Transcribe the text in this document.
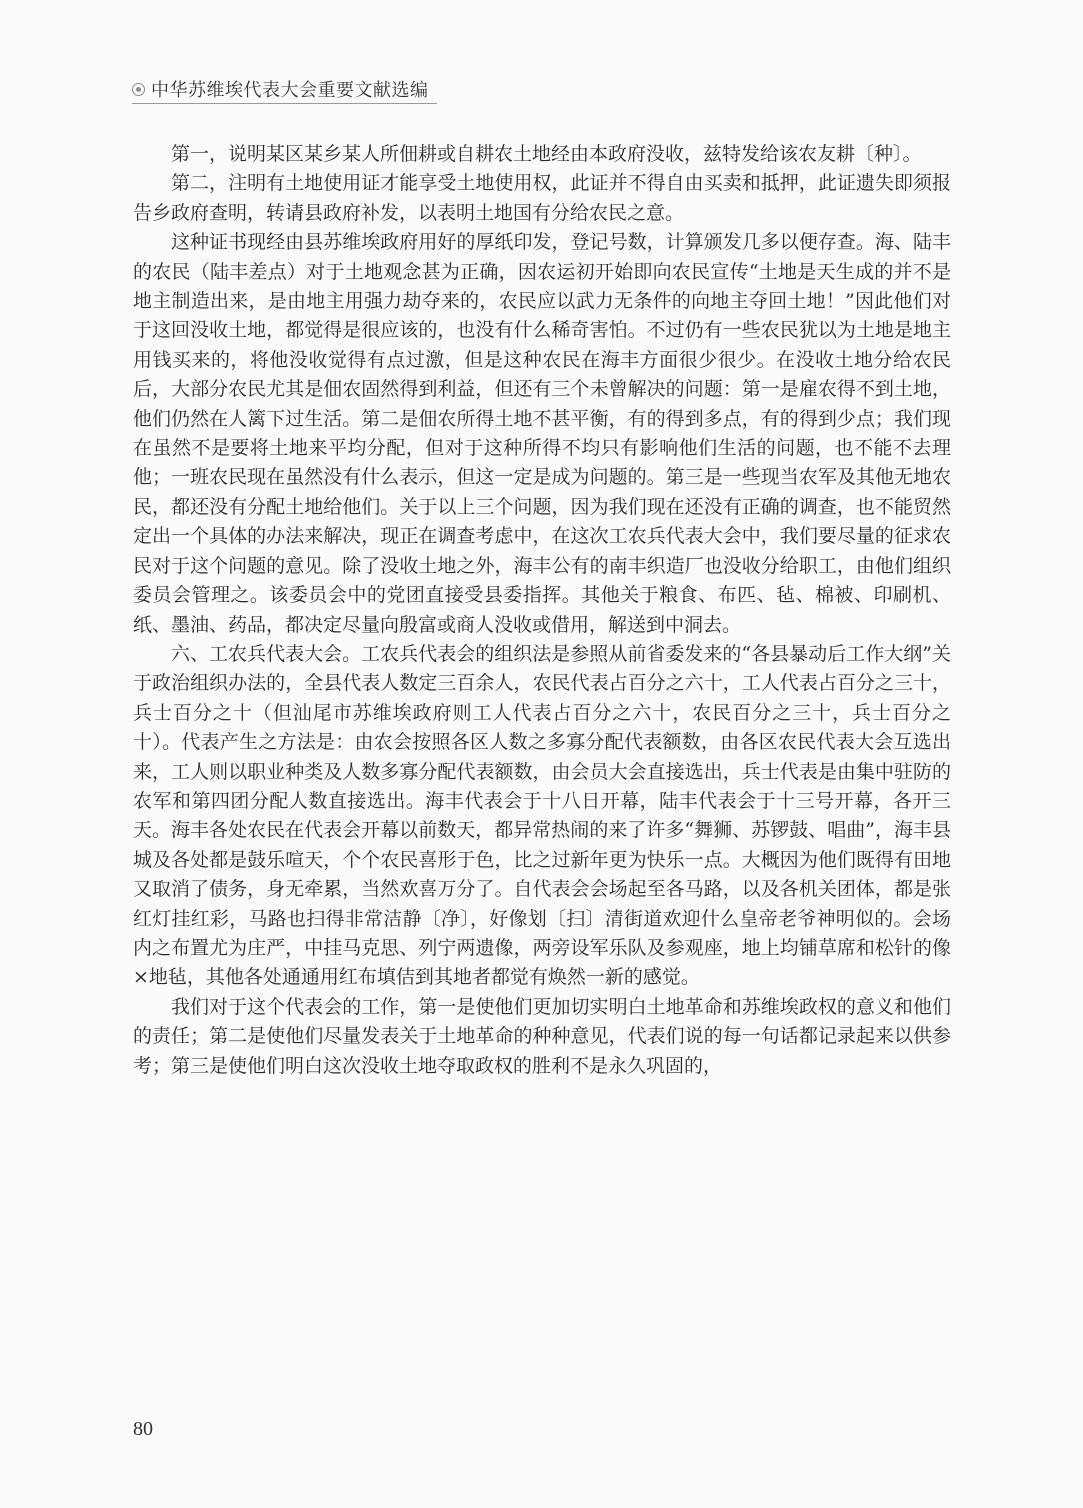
中华苏维埃代表大会重要文献选编

第一，说明某区某乡某人所佃耕或自耕农土地经由本政府没收，兹特发给该农友耕〔种〕。

第二，注明有土地使用证才能享受土地使用权，此证并不得自由买卖和抵押，此证遗失即须报告乡政府查明，转请县政府补发，以表明土地国有分给农民之意。

这种证书现经由县苏维埃政府用好的厚纸印发，登记号数，计算颁发几多以便存查。海、陆丰的农民（陆丰差点）对于土地观念甚为正确，因农运初开始即向农民宣传“土地是天生成的并不是地主制造出来，是由地主用强力劫夺来的，农民应以武力无条件的向地主夺回土地！”因此他们对于这回没收土地，都觉得是很应该的，也没有什么稀奇害怕。不过仍有一些农民犹以为土地是地主用钱买来的，将他没收觉得有点过激，但是这种农民在海丰方面很少很少。在没收土地分给农民后，大部分农民尤其是佃农固然得到利益，但还有三个未曾解决的问题：第一是雇农得不到土地，他们仍然在人篱下过生活。第二是佃农所得土地不甚平衡，有的得到多点，有的得到少点；我们现在虽然不是要将土地来平均分配，但对于这种所得不均只有影响他们生活的问题，也不能不去理他；一班农民现在虽然没有什么表示，但这一定是成为问题的。第三是一些现当农军及其他无地农民，都还没有分配土地给他们。关于以上三个问题，因为我们现在还没有正确的调查，也不能贸然定出一个具体的办法来解决，现正在调查考虑中，在这次工农兵代表大会中，我们要尽量的征求农民对于这个问题的意见。除了没收土地之外，海丰公有的南丰织造厂也没收分给职工，由他们组织委员会管理之。该委员会中的党团直接受县委指挥。其他关于粮食、布匹、毡、棉被、印刷机、纸、墨油、药品，都决定尽量向殷富或商人没收或借用，解送到中洞去。

六、工农兵代表大会。工农兵代表会的组织法是参照从前省委发来的“各县暴动后工作大纲”关于政治组织办法的，全县代表人数定三百余人，农民代表占百分之六十，工人代表占百分之三十，兵士百分之十（但汕尾市苏维埃政府则工人代表占百分之六十，农民百分之三十，兵士百分之十）。代表产生之方法是：由农会按照各区人数之多寡分配代表额数，由各区农民代表大会互选出来，工人则以职业种类及人数多寡分配代表额数，由会员大会直接选出，兵士代表是由集中驻防的农军和第四团分配人数直接选出。海丰代表会于十八日开幕，陆丰代表会于十三号开幕，各开三天。海丰各处农民在代表会开幕以前数天，都异常热闹的来了许多“舞狮、苏锣鼓、唱曲”，海丰县城及各处都是鼓乐喧天，个个农民喜形于色，比之过新年更为快乐一点。大概因为他们既得有田地又取消了债务，身无牵累，当然欢喜万分了。自代表会会场起至各马路，以及各机关团体，都是张红灯挂红彩，马路也扫得非常洁静〔净〕，好像划〔扫〕清街道欢迎什么皇帝老爷神明似的。会场内之布置尤为庄严，中挂马克思、列宁两遗像，两旁设军乐队及参观座，地上均铺草席和松针的像×地毡，其他各处通通用红布填佶到其地者都觉有焕然一新的感觉。

我们对于这个代表会的工作，第一是使他们更加切实明白土地革命和苏维埃政权的意义和他们的责任；第二是使他们尽量发表关于土地革命的种种意见，代表们说的每一句话都记录起来以供参考；第三是使他们明白这次没收土地夺取政权的胜利不是永久巩固的，

80
